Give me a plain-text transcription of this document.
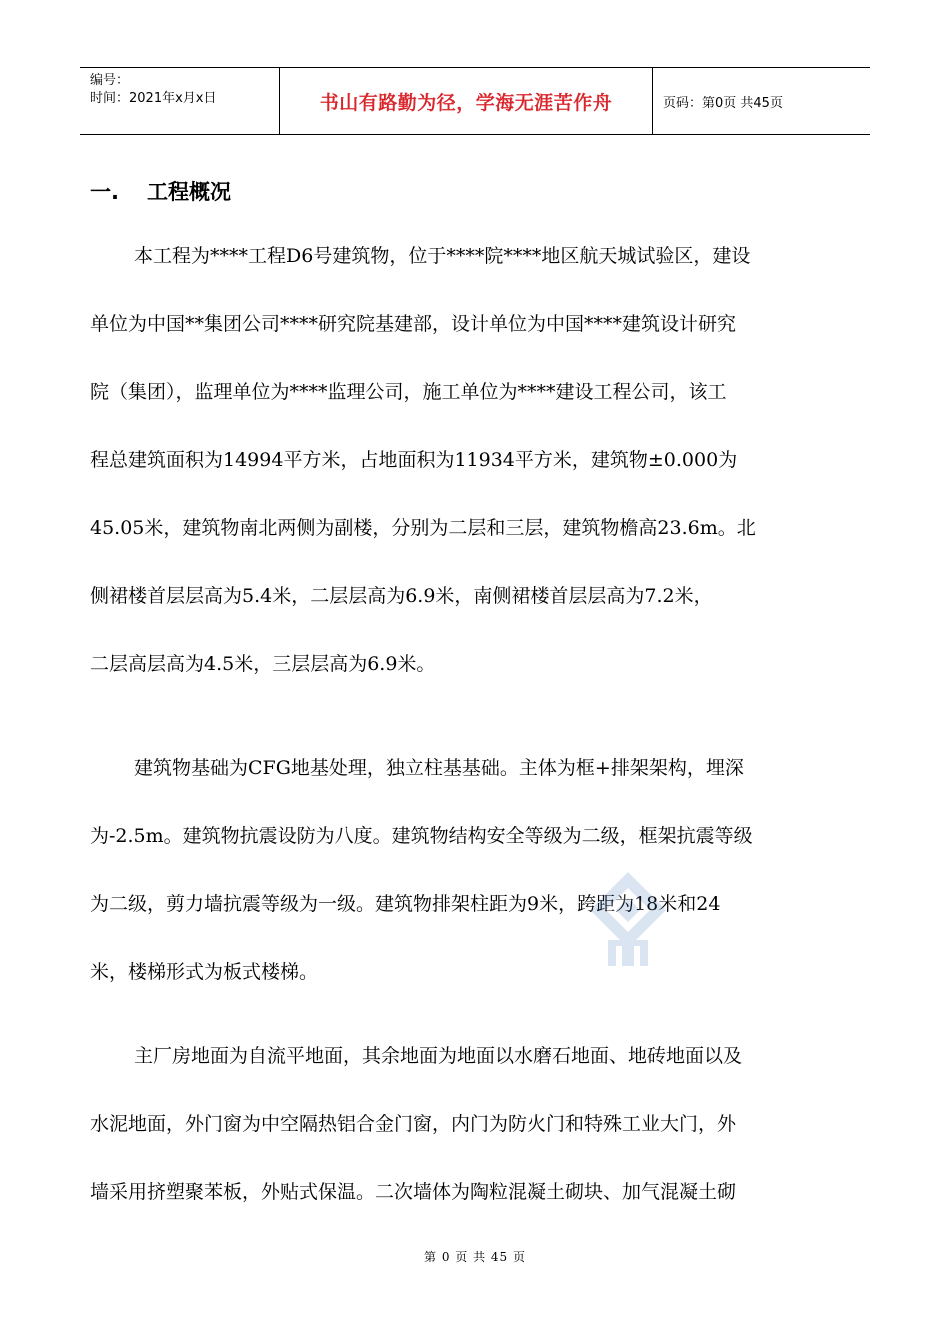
编号：
时间：2021年x月x日	书山有路勤为径，学海无涯苦作舟	页码：第0页 共45页
一. 工程概况
本工程为****工程D6号建筑物，位于****院****地区航天城试验区，建设
单位为中国**集团公司****研究院基建部，设计单位为中国****建筑设计研究
院（集团），监理单位为****监理公司，施工单位为****建设工程公司，该工
程总建筑面积为14994平方米，占地面积为11934平方米，建筑物±0.000为
45.05米，建筑物南北两侧为副楼，分别为二层和三层，建筑物檐高23.6m。北
侧裙楼首层层高为5.4米，二层层高为6.9米，南侧裙楼首层层高为7.2米，
二层高层高为4.5米，三层层高为6.9米。
建筑物基础为CFG地基处理，独立柱基基础。主体为框+排架架构，埋深
为-2.5m。建筑物抗震设防为八度。建筑物结构安全等级为二级，框架抗震等级
为二级，剪力墙抗震等级为一级。建筑物排架柱距为9米，跨距为18米和24
米，楼梯形式为板式楼梯。
主厂房地面为自流平地面，其余地面为地面以水磨石地面、地砖地面以及
水泥地面，外门窗为中空隔热铝合金门窗，内门为防火门和特殊工业大门，外
墙采用挤塑聚苯板，外贴式保温。二次墙体为陶粒混凝土砌块、加气混凝土砌
第 0 页 共 45 页
